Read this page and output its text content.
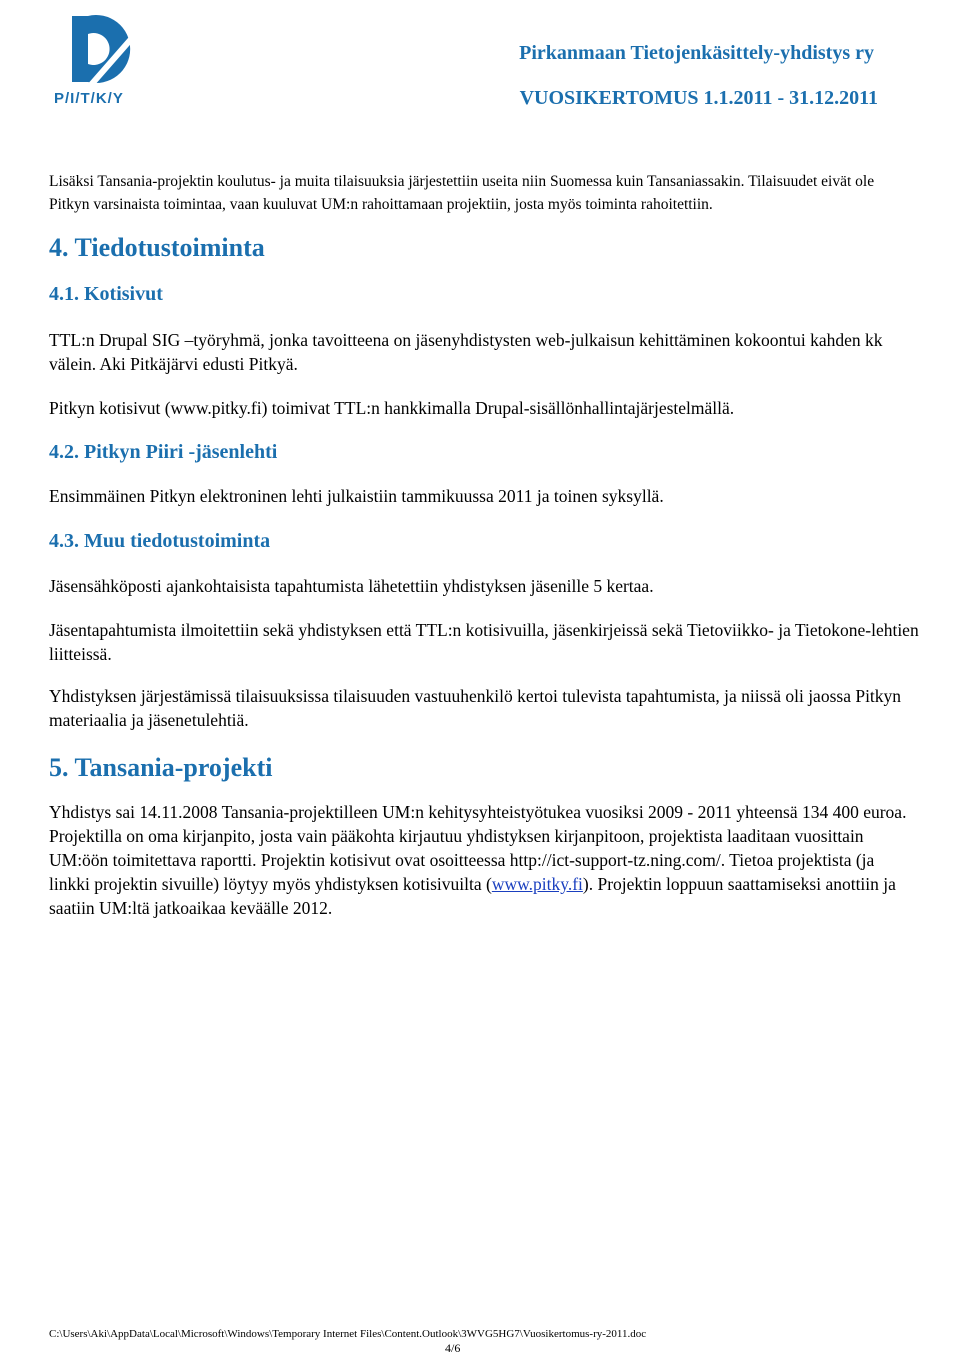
P/I/T/K/Y
Pirkanmaan Tietojenkäsittely-yhdistys ry
VUOSIKERTOMUS 1.1.2011 - 31.12.2011

Lisäksi Tansania-projektin koulutus- ja muita tilaisuuksia järjestettiin useita niin Suomessa kuin Tansaniassakin. Tilaisuudet eivät ole Pitkyn varsinaista toimintaa, vaan kuuluvat UM:n rahoittamaan projektiin, josta myös toiminta rahoitettiin.

4. Tiedotustoiminta
4.1. Kotisivut

TTL:n Drupal SIG –työryhmä, jonka tavoitteena on jäsenyhdistysten web-julkaisun kehittäminen kokoontui kahden kk välein. Aki Pitkäjärvi edusti Pitkyä.

Pitkyn kotisivut (www.pitky.fi) toimivat TTL:n hankkimalla Drupal-sisällönhallintajärjestelmällä.

4.2. Pitkyn Piiri -jäsenlehti

Ensimmäinen Pitkyn elektroninen lehti julkaistiin tammikuussa 2011 ja toinen syksyllä.

4.3. Muu tiedotustoiminta

Jäsensähköposti ajankohtaisista tapahtumista lähetettiin yhdistyksen jäsenille 5 kertaa.

Jäsentapahtumista ilmoitettiin sekä yhdistyksen että TTL:n kotisivuilla, jäsenkirjeissä sekä Tietoviikko- ja Tietokone-lehtien liitteissä.

Yhdistyksen järjestämissä tilaisuuksissa tilaisuuden vastuuhenkilö kertoi tulevista tapahtumista, ja niissä oli jaossa Pitkyn materiaalia ja jäsenetulehtiä.

5. Tansania-projekti

Yhdistys sai 14.11.2008 Tansania-projektilleen UM:n kehitysyhteistyötukea vuosiksi 2009 - 2011 yhteensä 134 400 euroa. Projektilla on oma kirjanpito, josta vain pääkohta kirjautuu yhdistyksen kirjanpitoon, projektista laaditaan vuosittain UM:öön toimitettava raportti. Projektin kotisivut ovat osoitteessa http://ict-support-tz.ning.com/. Tietoa projektista (ja linkki projektin sivuille) löytyy myös yhdistyksen kotisivuilta (www.pitky.fi). Projektin loppuun saattamiseksi anottiin ja saatiin UM:ltä jatkoaikaa keväälle 2012.

C:\Users\Aki\AppData\Local\Microsoft\Windows\Temporary Internet Files\Content.Outlook\3WVG5HG7\Vuosikertomus-ry-2011.doc
4/6
